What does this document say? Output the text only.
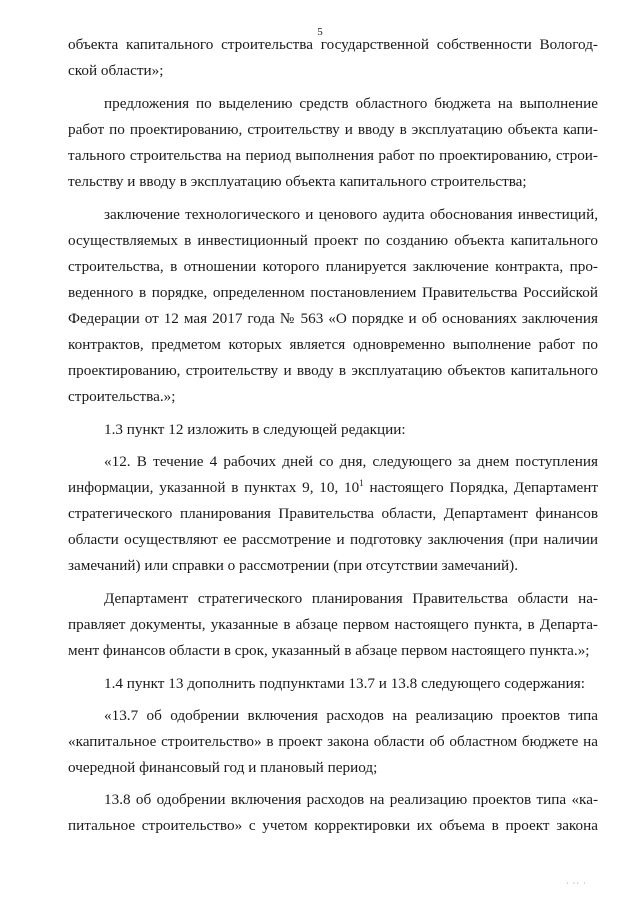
5
объекта капитального строительства государственной собственности Вологод-
ской области»;
предложения по выделению средств областного бюджета на выполнение
работ по проектированию, строительству и вводу в эксплуатацию объекта капи-
тального строительства на период выполнения работ по проектированию, строи-
тельству и вводу в эксплуатацию объекта капитального строительства;
заключение технологического и ценового аудита обоснования инвестиций,
осуществляемых в инвестиционный проект по созданию объекта капитального
строительства, в отношении которого планируется заключение контракта, про-
веденного в порядке, определенном постановлением Правительства Российской
Федерации от 12 мая 2017 года № 563 «О порядке и об основаниях заключения
контрактов, предметом которых является одновременно выполнение работ по
проектированию, строительству и вводу в эксплуатацию объектов капитального
строительства.»;
1.3 пункт 12 изложить в следующей редакции:
«12. В течение 4 рабочих дней со дня, следующего за днем поступления
информации, указанной в пунктах 9, 10, $10^1$ настоящего Порядка, Департамент
стратегического планирования Правительства области, Департамент финансов
области осуществляют ее рассмотрение и подготовку заключения (при наличии
замечаний) или справки о рассмотрении (при отсутствии замечаний).
Департамент стратегического планирования Правительства области на-
правляет документы, указанные в абзаце первом настоящего пункта, в Департа-
мент финансов области в срок, указанный в абзаце первом настоящего пункта.»;
1.4 пункт 13 дополнить подпунктами 13.7 и 13.8 следующего содержания:
«13.7 об одобрении включения расходов на реализацию проектов типа
«капитальное строительство» в проект закона области об областном бюджете на
очередной финансовый год и плановый период;
13.8 об одобрении включения расходов на реализацию проектов типа «ка-
питальное строительство» с учетом корректировки их объема в проект закона
· ·· ·
